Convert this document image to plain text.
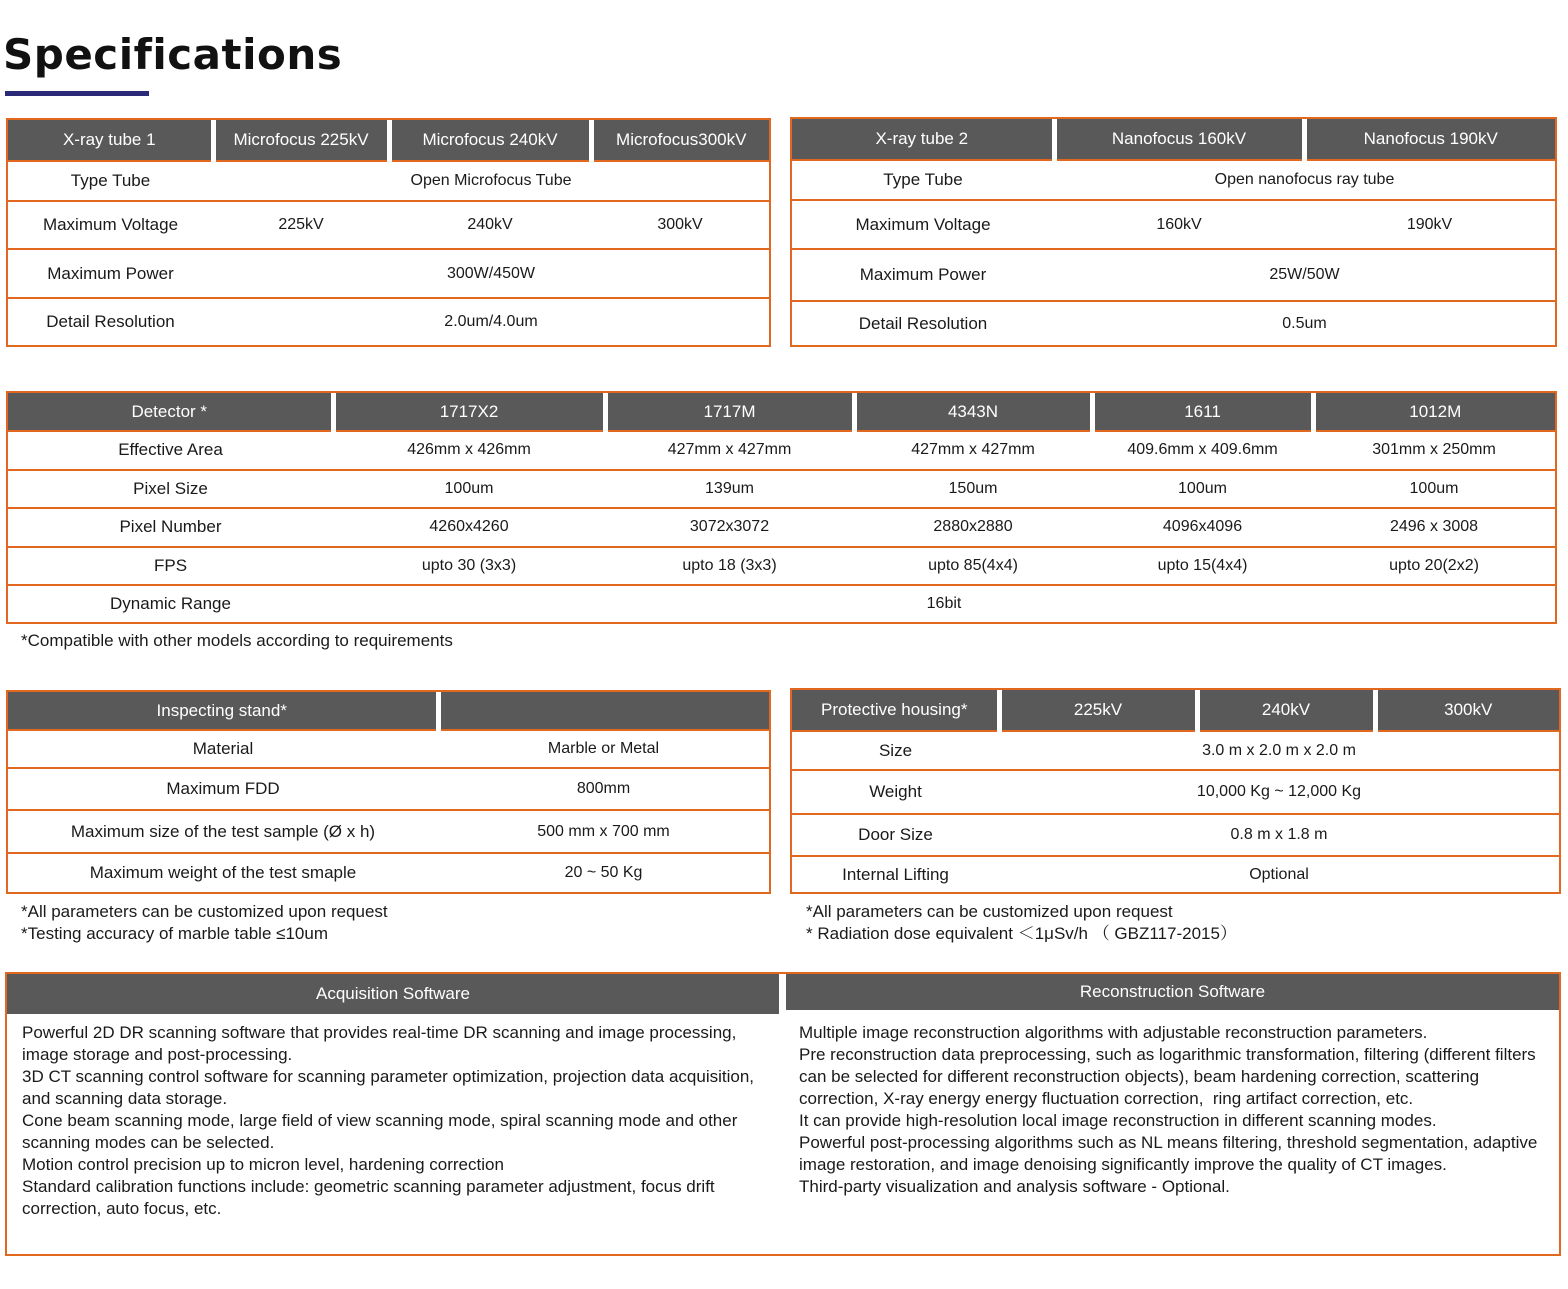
Specifications
X-ray tube 1	Microfocus 225kV	Microfocus 240kV	Microfocus300kV
Type Tube	Open Microfocus Tube		
Maximum Voltage	225kV	240kV	300kV
Maximum Power	300W/450W		
Detail Resolution	2.0um/4.0um		
X-ray tube 2	Nanofocus 160kV	Nanofocus 190kV
Type Tube	Open nanofocus ray tube	
Maximum Voltage	160kV	190kV
Maximum Power	25W/50W	
Detail Resolution	0.5um	
Detector *	1717X2	1717M	4343N	1611	1012M
Effective Area	426mm x 426mm	427mm x 427mm	427mm x 427mm	409.6mm x 409.6mm	301mm x 250mm
Pixel Size	100um	139um	150um	100um	100um
Pixel Number	4260x4260	3072x3072	2880x2880	4096x4096	2496 x 3008
FPS	upto 30 (3x3)	upto 18 (3x3)	upto 85(4x4)	upto 15(4x4)	upto 20(2x2)
Dynamic Range	16bit				
*Compatible with other models according to requirements
Inspecting stand*	
Material	Marble or Metal
Maximum FDD	800mm
Maximum size of the test sample (Ø x h)	500 mm x 700 mm
Maximum weight of the test smaple	20 ~ 50 Kg
*All parameters can be customized upon request
*Testing accuracy of marble table ≤10um
Protective housing*	225kV	240kV	300kV
Size	3.0 m x 2.0 m x 2.0 m		
Weight	10,000 Kg ~ 12,000 Kg		
Door Size	0.8 m x 1.8 m		
Internal Lifting	Optional		
*All parameters can be customized upon request
* Radiation dose equivalent ＜1μSv/h （ GBZ117-2015）
Acquisition Software	Reconstruction Software
Powerful 2D DR scanning software that provides real-time DR scanning and image processing, image storage and post-processing.
3D CT scanning control software for scanning parameter optimization, projection data acquisition, and scanning data storage.
Cone beam scanning mode, large field of view scanning mode, spiral scanning mode and other scanning modes can be selected.
Motion control precision up to micron level, hardening correction
Standard calibration functions include: geometric scanning parameter adjustment, focus drift correction, auto focus, etc.
Multiple image reconstruction algorithms with adjustable reconstruction parameters.
Pre reconstruction data preprocessing, such as logarithmic transformation, filtering (different filters can be selected for different reconstruction objects), beam hardening correction, scattering correction, X-ray energy energy fluctuation correction,  ring artifact correction, etc.
It can provide high-resolution local image reconstruction in different scanning modes.
Powerful post-processing algorithms such as NL means filtering, threshold segmentation, adaptive image restoration, and image denoising significantly improve the quality of CT images.
Third-party visualization and analysis software - Optional.
